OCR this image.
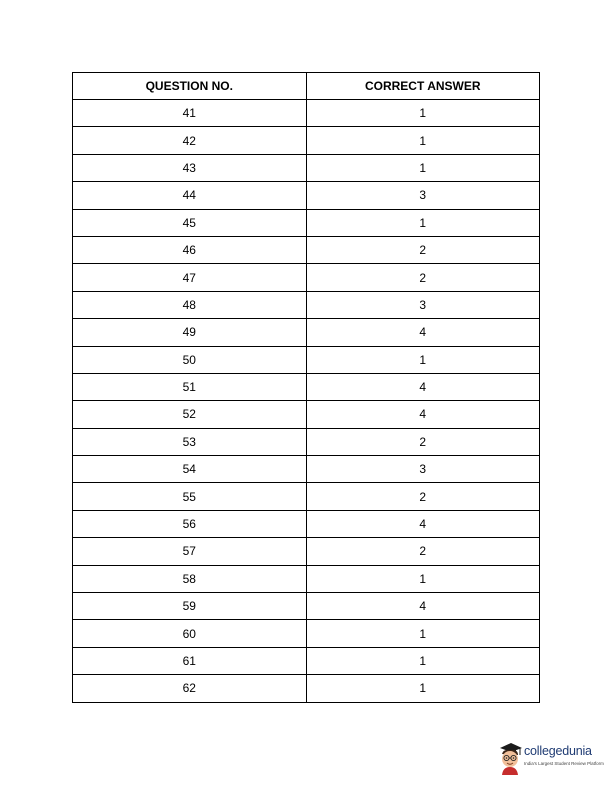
QUESTION NO.	CORRECT ANSWER
41	1
42	1
43	1
44	3
45	1
46	2
47	2
48	3
49	4
50	1
51	4
52	4
53	2
54	3
55	2
56	4
57	2
58	1
59	4
60	1
61	1
62	1
collegedunia
India's Largest Student Review Platform
